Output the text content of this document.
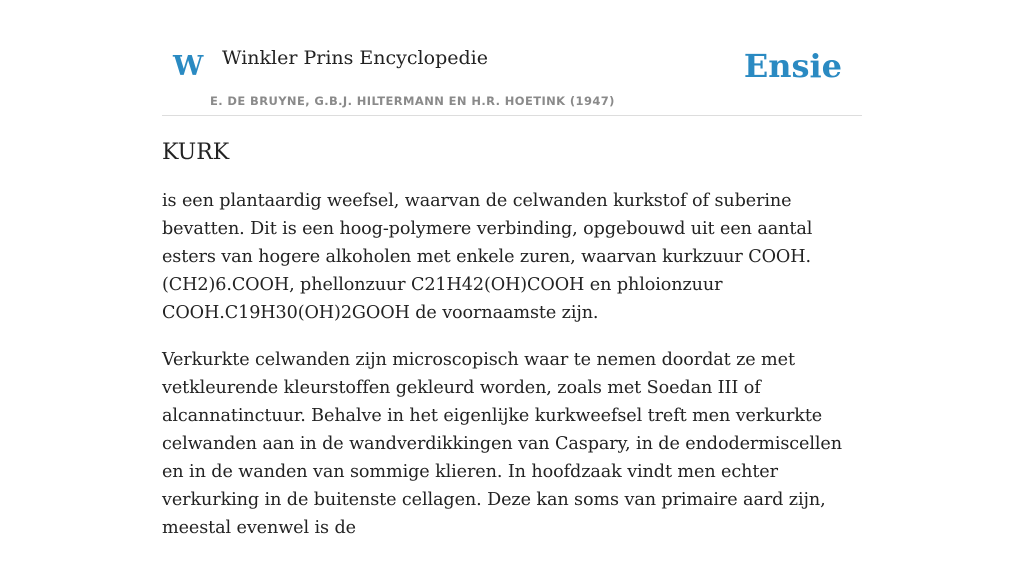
W Winkler Prins Encyclopedie
E. DE BRUYNE, G.B.J. HILTERMANN EN H.R. HOETINK (1947)
Ensie
KURK

is een plantaardig weefsel, waarvan de celwanden kurkstof of suberine bevatten. Dit is een hoog-polymere verbinding, opgebouwd uit een aantal esters van hogere alkoholen met enkele zuren, waarvan kurkzuur COOH.(CH2)6.COOH, phellonzuur C21H42(OH)COOH en phloionzuur COOH.C19H30(OH)2GOOH de voornaamste zijn.

Verkurkte celwanden zijn microscopisch waar te nemen doordat ze met vetkleurende kleurstoffen gekleurd worden, zoals met Soedan III of alcannatinctuur. Behalve in het eigenlijke kurkweefsel treft men verkurkte celwanden aan in de wandverdikkingen van Caspary, in de endodermiscellen en in de wanden van sommige klieren. In hoofdzaak vindt men echter verkurking in de buitenste cellagen. Deze kan soms van primaire aard zijn, meestal evenwel is de
